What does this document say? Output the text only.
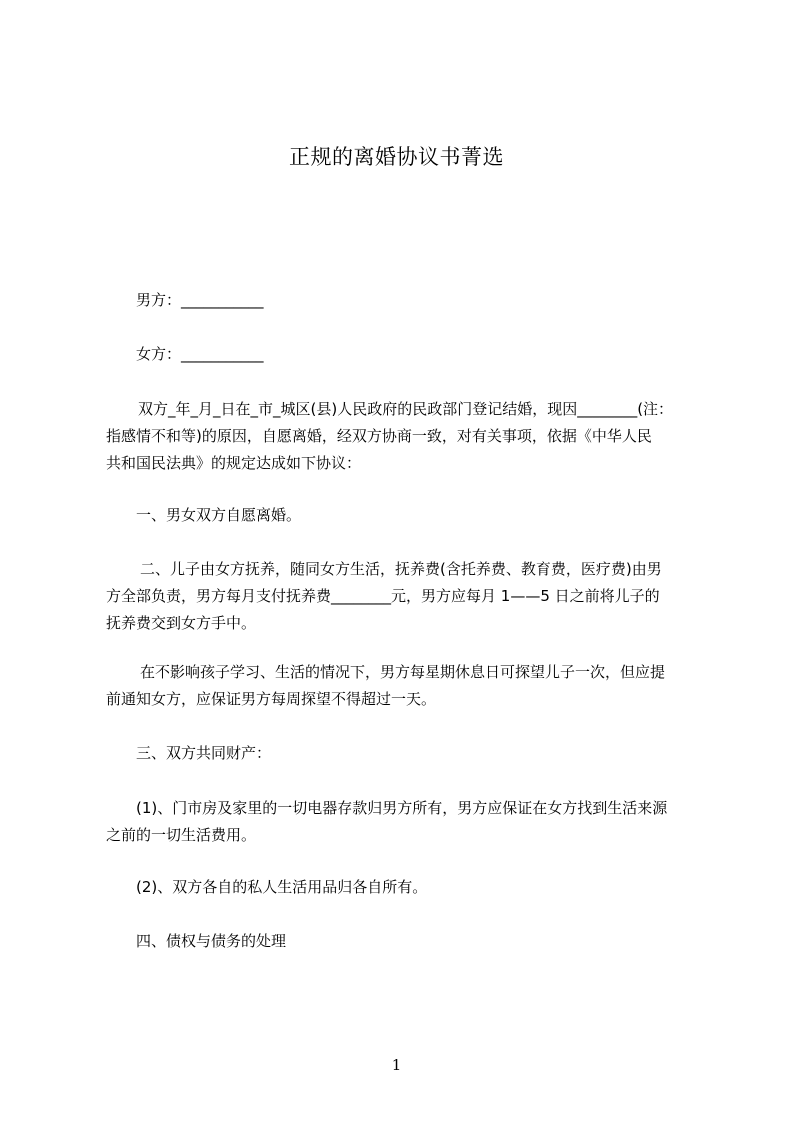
正规的离婚协议书菁选

男方：___________

女方：___________

双方_年_月_日在_市_城区(县)人民政府的民政部门登记结婚，现因________(注：
指感情不和等)的原因，自愿离婚，经双方协商一致，对有关事项，依据《中华人民
共和国民法典》的规定达成如下协议：

一、男女双方自愿离婚。

二、儿子由女方抚养，随同女方生活，抚养费(含托养费、教育费，医疗费)由男
方全部负责，男方每月支付抚养费________元，男方应每月 1——5 日之前将儿子的
抚养费交到女方手中。
在不影响孩子学习、生活的情况下，男方每星期休息日可探望儿子一次，但应提
前通知女方，应保证男方每周探望不得超过一天。

三、双方共同财产：

(1)、门市房及家里的一切电器存款归男方所有，男方应保证在女方找到生活来源
之前的一切生活费用。

(2)、双方各自的私人生活用品归各自所有。

四、债权与债务的处理

1
